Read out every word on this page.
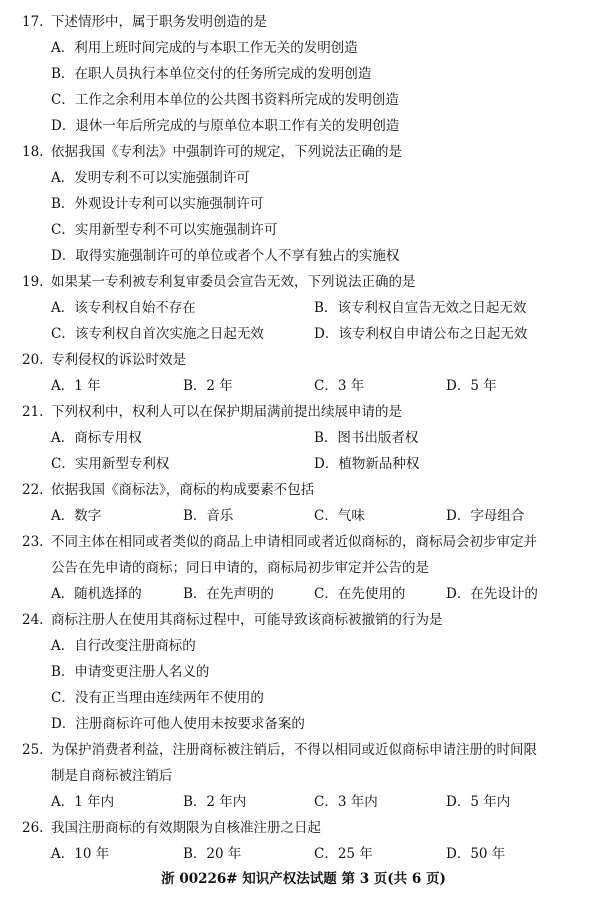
17. 下述情形中，属于职务发明创造的是
A．利用上班时间完成的与本职工作无关的发明创造
B．在职人员执行本单位交付的任务所完成的发明创造
C．工作之余利用本单位的公共图书资料所完成的发明创造
D．退休一年后所完成的与原单位本职工作有关的发明创造
18. 依据我国《专利法》中强制许可的规定，下列说法正确的是
A．发明专利不可以实施强制许可
B．外观设计专利可以实施强制许可
C．实用新型专利不可以实施强制许可
D．取得实施强制许可的单位或者个人不享有独占的实施权
19. 如果某一专利被专利复审委员会宣告无效，下列说法正确的是
A．该专利权自始不存在	B．该专利权自宣告无效之日起无效
C．该专利权自首次实施之日起无效	D．该专利权自申请公布之日起无效
20. 专利侵权的诉讼时效是
A．1 年	B．2 年	C．3 年	D．5 年
21. 下列权利中，权利人可以在保护期届满前提出续展申请的是
A．商标专用权	B．图书出版者权
C．实用新型专利权	D．植物新品种权
22. 依据我国《商标法》，商标的构成要素不包括
A．数字	B．音乐	C．气味	D．字母组合
23. 不同主体在相同或者类似的商品上申请相同或者近似商标的，商标局会初步审定并
公告在先申请的商标；同日申请的，商标局初步审定并公告的是
A．随机选择的	B．在先声明的	C．在先使用的	D．在先设计的
24. 商标注册人在使用其商标过程中，可能导致该商标被撤销的行为是
A．自行改变注册商标的
B．申请变更注册人名义的
C．没有正当理由连续两年不使用的
D．注册商标许可他人使用未按要求备案的
25. 为保护消费者利益，注册商标被注销后，不得以相同或近似商标申请注册的时间限
制是自商标被注销后
A．1 年内	B．2 年内	C．3 年内	D．5 年内
26. 我国注册商标的有效期限为自核准注册之日起
A．10 年	B．20 年	C．25 年	D．50 年
浙 00226# 知识产权法试题 第 3 页(共 6 页)
